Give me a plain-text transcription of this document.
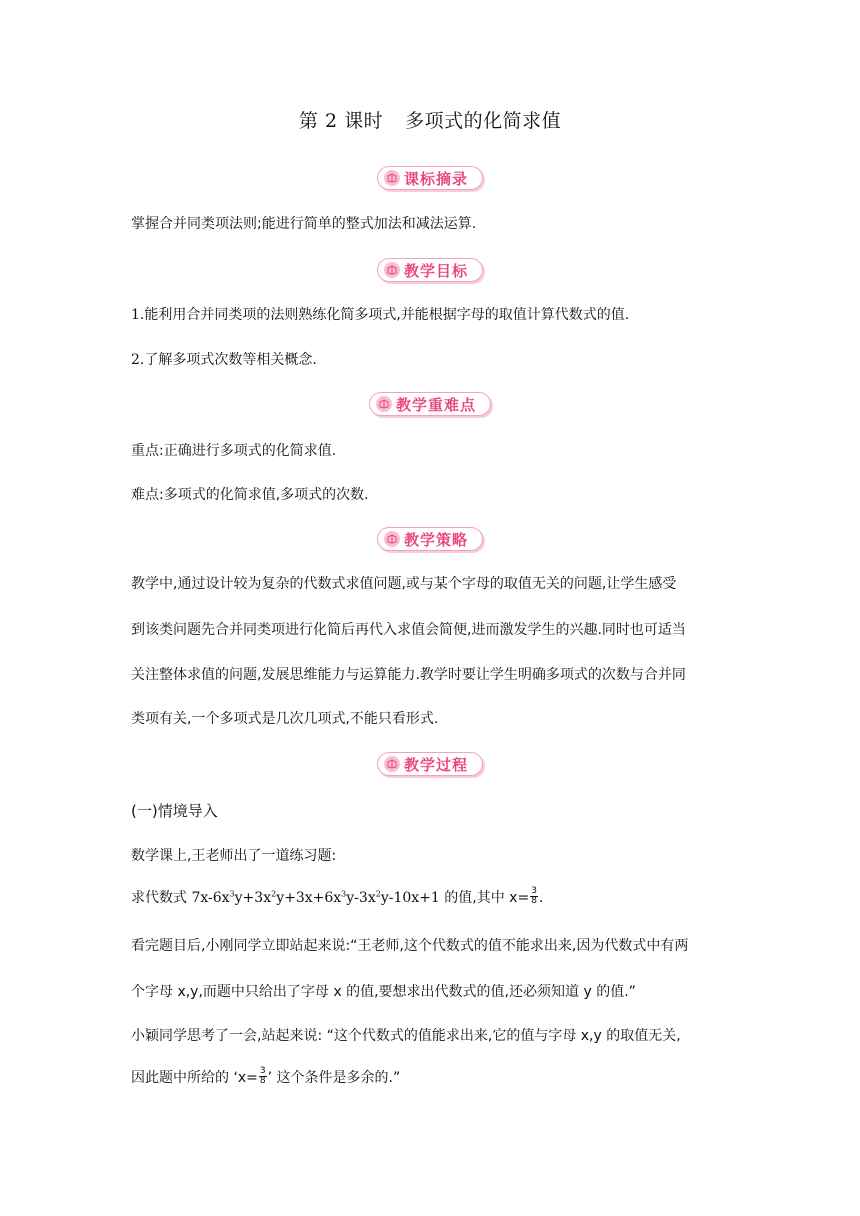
第 2 课时 多项式的化简求值
课标摘录
掌握合并同类项法则;能进行简单的整式加法和减法运算.
教学目标
1.能利用合并同类项的法则熟练化简多项式,并能根据字母的取值计算代数式的值.
2.了解多项式次数等相关概念.
教学重难点
重点:正确进行多项式的化简求值.
难点:多项式的化简求值,多项式的次数.
教学策略
教学中,通过设计较为复杂的代数式求值问题,或与某个字母的取值无关的问题,让学生感受
到该类问题先合并同类项进行化简后再代入求值会简便,进而激发学生的兴趣.同时也可适当
关注整体求值的问题,发展思维能力与运算能力.教学时要让学生明确多项式的次数与合并同
类项有关,一个多项式是几次几项式,不能只看形式.
教学过程
(一)情境导入
数学课上,王老师出了一道练习题:
求代数式 $7x-6x^3y+3x^2y+3x+6x^3y-3x^2y-10x+1$ 的值,其中 $x= \frac{3}{8}$ .
看完题目后,小刚同学立即站起来说:“王老师,这个代数式的值不能求出来,因为代数式中有两
个字母 x,y,而题中只给出了字母 x 的值,要想求出代数式的值,还必须知道 y 的值.”
小颖同学思考了一会,站起来说: “这个代数式的值能求出来,它的值与字母 x,y 的取值无关,
因此题中所给的 ‘$x= \frac{3}{8}$ ’ 这个条件是多余的.”
